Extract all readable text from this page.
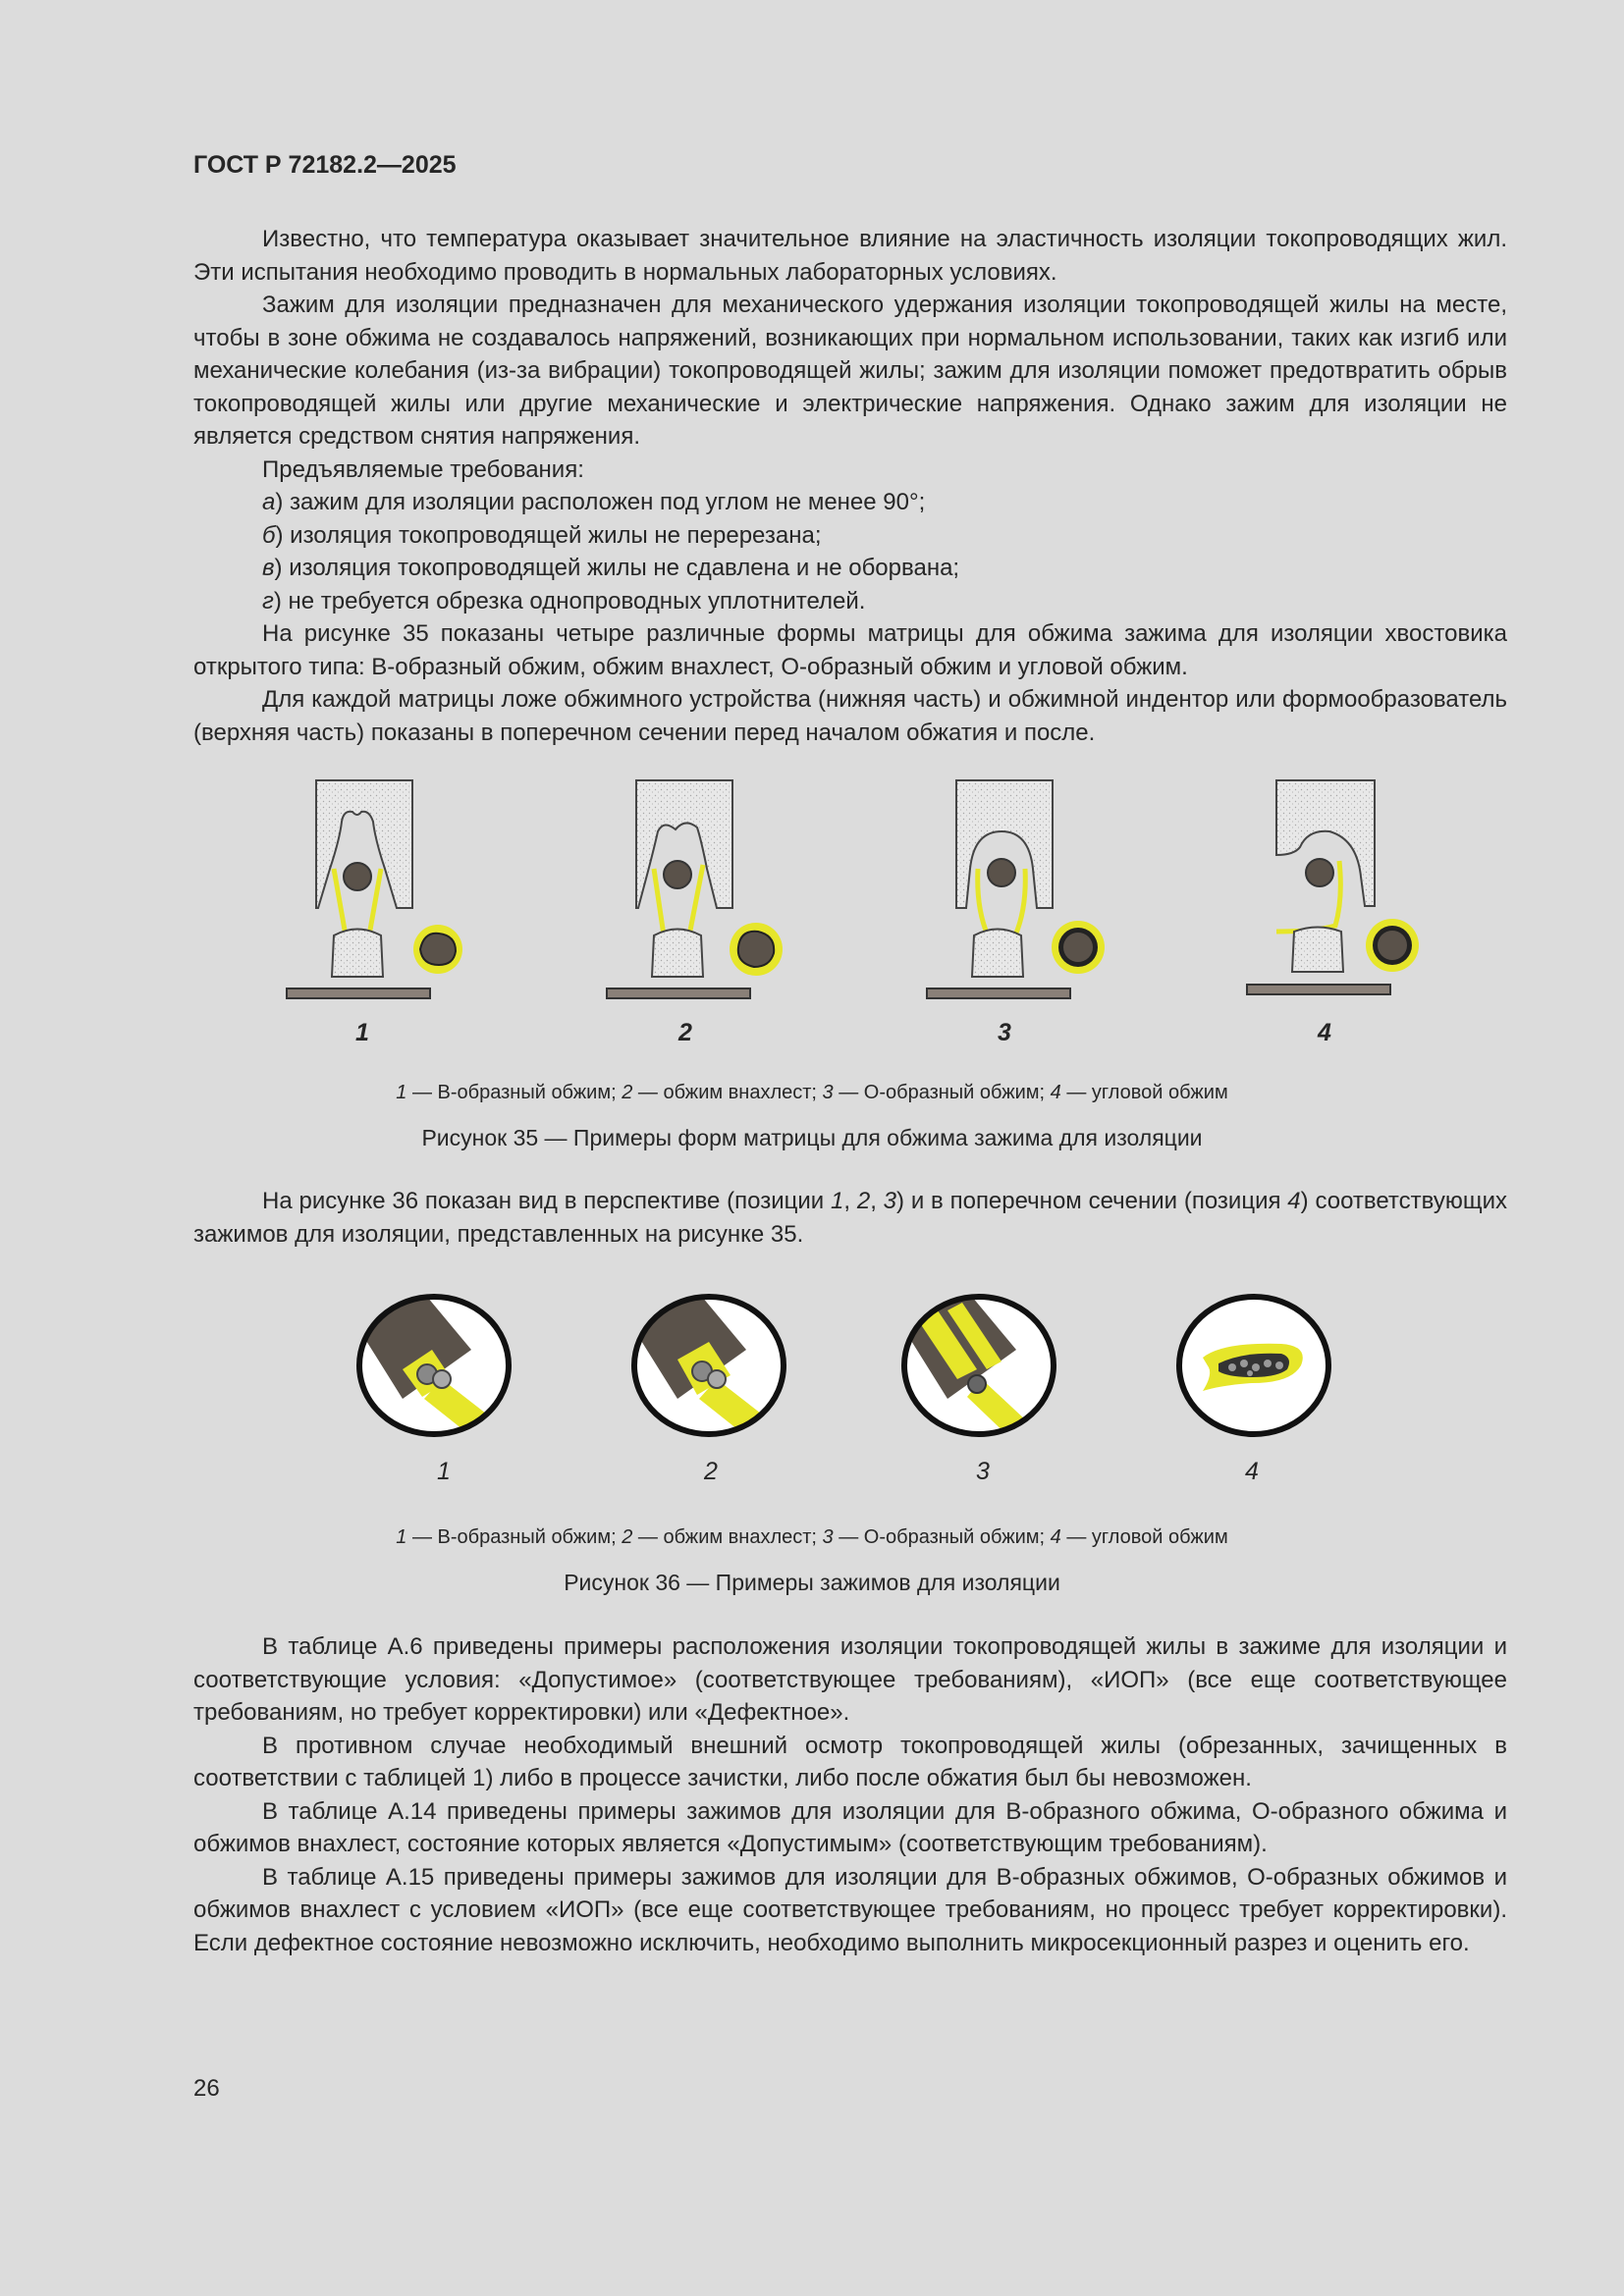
ГОСТ Р 72182.2—2025

Известно, что температура оказывает значительное влияние на эластичность изоляции токопроводящих жил. Эти испытания необходимо проводить в нормальных лабораторных условиях.

Зажим для изоляции предназначен для механического удержания изоляции токопроводящей жилы на месте, чтобы в зоне обжима не создавалось напряжений, возникающих при нормальном использовании, таких как изгиб или механические колебания (из-за вибрации) токопроводящей жилы; зажим для изоляции поможет предотвратить обрыв токопроводящей жилы или другие механические и электрические напряжения. Однако зажим для изоляции не является средством снятия напряжения.

Предъявляемые требования:

а) зажим для изоляции расположен под углом не менее 90°;

б) изоляция токопроводящей жилы не перерезана;

в) изоляция токопроводящей жилы не сдавлена и не оборвана;

г) не требуется обрезка однопроводных уплотнителей.

На рисунке 35 показаны четыре различные формы матрицы для обжима зажима для изоляции хвостовика открытого типа: В-образный обжим, обжим внахлест, О-образный обжим и угловой обжим.

Для каждой матрицы ложе обжимного устройства (нижняя часть) и обжимной индентор или формообразователь (верхняя часть) показаны в поперечном сечении перед началом обжатия и после.

1	2	3	4
1 — В-образный обжим; 2 — обжим внахлест; 3 — О-образный обжим; 4 — угловой обжим
Рисунок 35 — Примеры форм матрицы для обжима зажима для изоляции

На рисунке 36 показан вид в перспективе (позиции 1, 2, 3) и в поперечном сечении (позиция 4) соответствующих зажимов для изоляции, представленных на рисунке 35.

1	2	3	4
1 — В-образный обжим; 2 — обжим внахлест; 3 — О-образный обжим; 4 — угловой обжим
Рисунок 36 — Примеры зажимов для изоляции

В таблице А.6 приведены примеры расположения изоляции токопроводящей жилы в зажиме для изоляции и соответствующие условия: «Допустимое» (соответствующее требованиям), «ИОП» (все еще соответствующее требованиям, но требует корректировки) или «Дефектное».

В противном случае необходимый внешний осмотр токопроводящей жилы (обрезанных, зачищенных в соответствии с таблицей 1) либо в процессе зачистки, либо после обжатия был бы невозможен.

В таблице А.14 приведены примеры зажимов для изоляции для В-образного обжима, О-образного обжима и обжимов внахлест, состояние которых является «Допустимым» (соответствующим требованиям).

В таблице А.15 приведены примеры зажимов для изоляции для В-образных обжимов, О-образных обжимов и обжимов внахлест с условием «ИОП» (все еще соответствующее требованиям, но процесс требует корректировки). Если дефектное состояние невозможно исключить, необходимо выполнить микросекционный разрез и оценить его.

26
